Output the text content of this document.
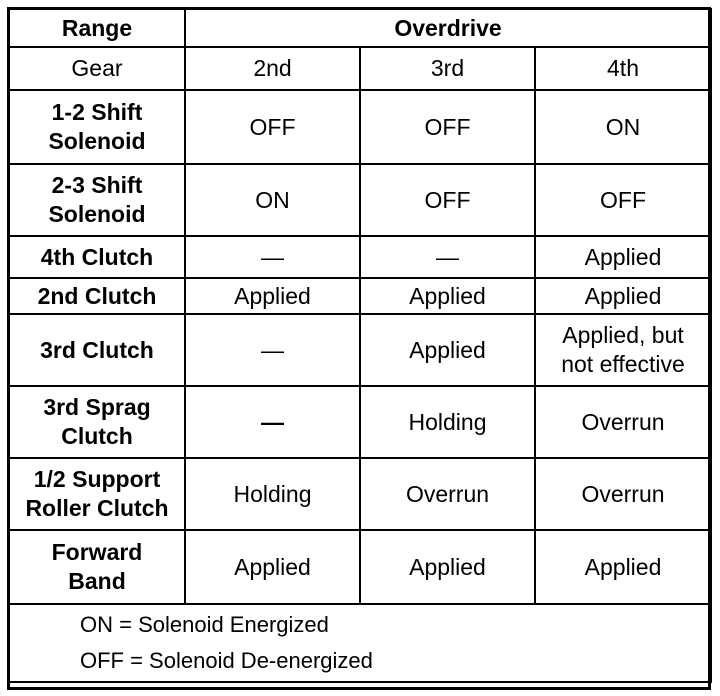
Range	Overdrive		
Gear	2nd	3rd	4th

1-2 Shift
Solenoid	OFF	OFF	ON

2-3 Shift
Solenoid	ON	OFF	OFF
4th Clutch	—	—	Applied
2nd Clutch	Applied	Applied	Applied
3rd Clutch	—	Applied	Applied, but
not effective

3rd Sprag
Clutch	—	Holding	Overrun

1/2 Support
Roller Clutch	Holding	Overrun	Overrun

Forward
Band	Applied	Applied	Applied

ON = Solenoid Energized
OFF = Solenoid De-energized			
